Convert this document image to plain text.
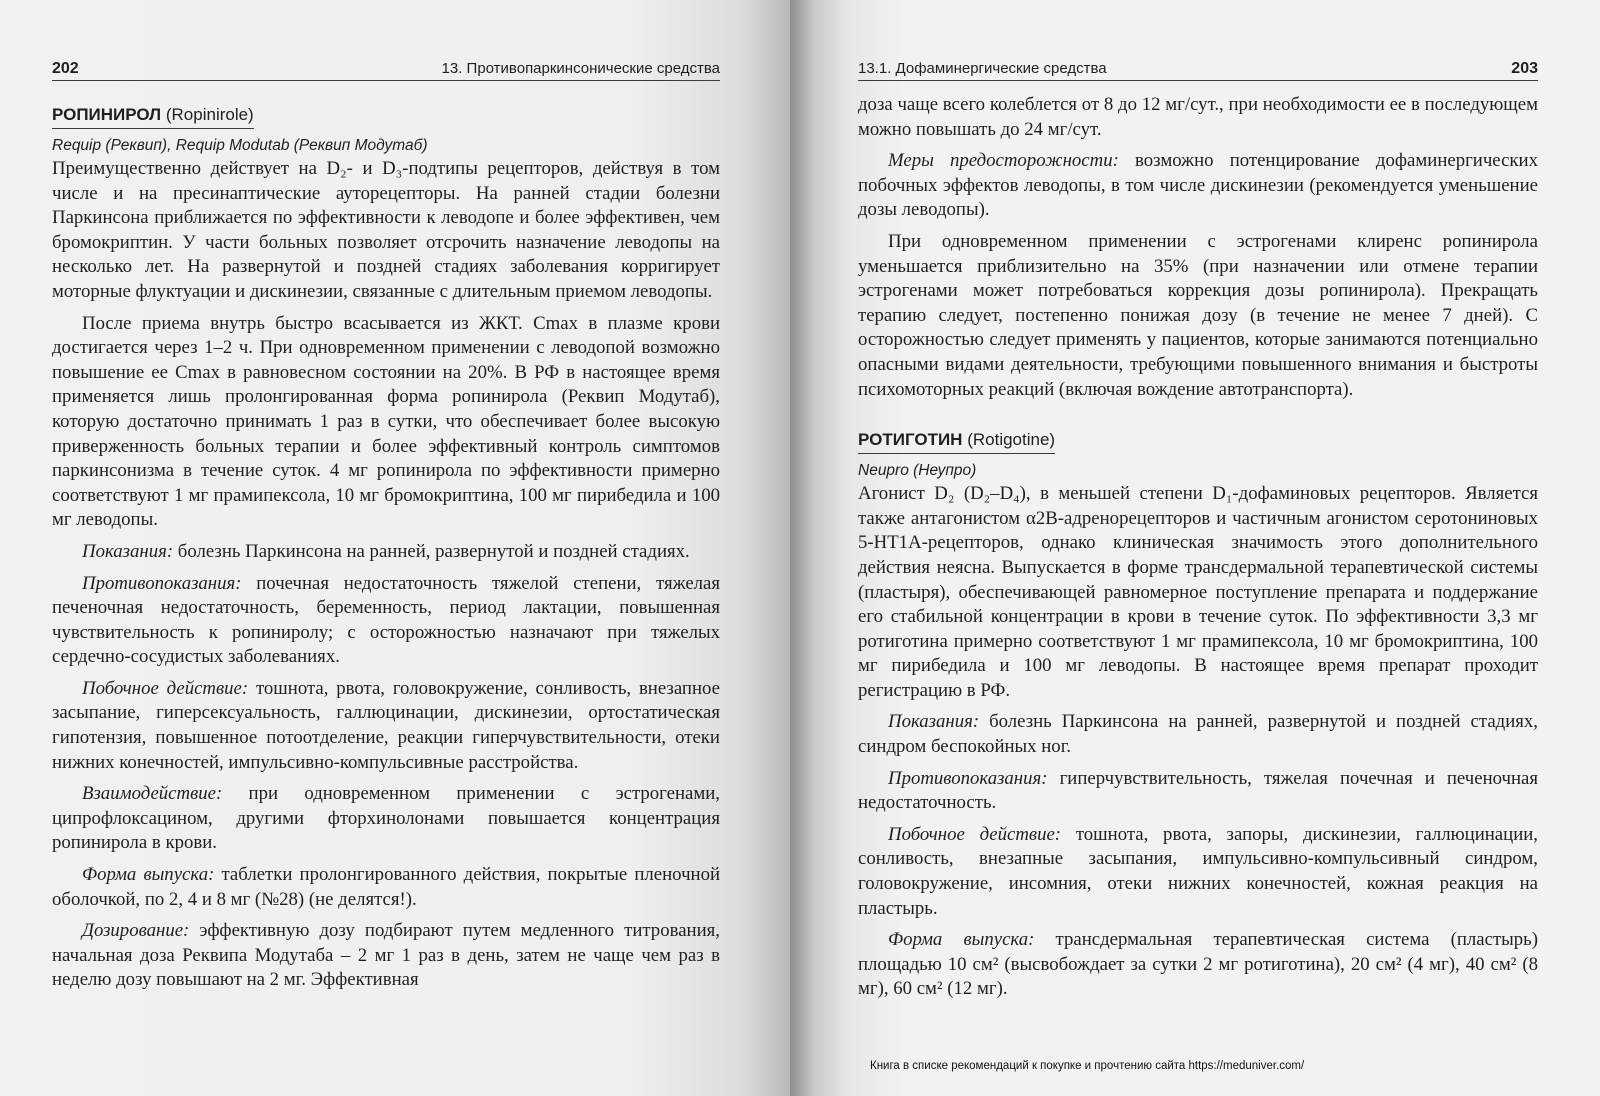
202	13. Противопаркинсонические средства
РОПИНИРОЛ (Ropinirole)
Requip (Реквип), Requip Modutab (Реквип Модутаб)

Преимущественно действует на D₂- и D₃-подтипы рецепторов, действуя в том числе и на пресинаптические ауторецепторы. На ранней стадии болезни Паркинсона приближается по эффективности к леводопе и более эффективен, чем бромокриптин. У части больных позволяет отсрочить назначение леводопы на несколько лет. На развернутой и поздней стадиях заболевания корригирует моторные флуктуации и дискинезии, связанные с длительным приемом леводопы.

После приема внутрь быстро всасывается из ЖКТ. Cmax в плазме крови достигается через 1–2 ч. При одновременном применении с леводопой возможно повышение ее Cmax в равновесном состоянии на 20%. В РФ в настоящее время применяется лишь пролонгированная форма ропинирола (Реквип Модутаб), которую достаточно принимать 1 раз в сутки, что обеспечивает более высокую приверженность больных терапии и более эффективный контроль симптомов паркинсонизма в течение суток. 4 мг ропинирола по эффективности примерно соответствуют 1 мг прамипексола, 10 мг бромокриптина, 100 мг пирибедила и 100 мг леводопы.

Показания: болезнь Паркинсона на ранней, развернутой и поздней стадиях.

Противопоказания: почечная недостаточность тяжелой степени, тяжелая печеночная недостаточность, беременность, период лактации, повышенная чувствительность к ропиниролу; с осторожностью назначают при тяжелых сердечно-сосудистых заболеваниях.

Побочное действие: тошнота, рвота, головокружение, сонливость, внезапное засыпание, гиперсексуальность, галлюцинации, дискинезии, ортостатическая гипотензия, повышенное потоотделение, реакции гиперчувствительности, отеки нижних конечностей, импульсивно-компульсивные расстройства.

Взаимодействие: при одновременном применении с эстрогенами, ципрофлоксацином, другими фторхинолонами повышается концентрация ропинирола в крови.

Форма выпуска: таблетки пролонгированного действия, покрытые пленочной оболочкой, по 2, 4 и 8 мг (№28) (не делятся!).

Дозирование: эффективную дозу подбирают путем медленного титрования, начальная доза Реквипа Модутаба – 2 мг 1 раз в день, затем не чаще чем раз в неделю дозу повышают на 2 мг. Эффективная

13.1. Дофаминергические средства	203

доза чаще всего колеблется от 8 до 12 мг/сут., при необходимости ее в последующем можно повышать до 24 мг/сут.

Меры предосторожности: возможно потенцирование дофаминергических побочных эффектов леводопы, в том числе дискинезии (рекомендуется уменьшение дозы леводопы).

При одновременном применении с эстрогенами клиренс ропинирола уменьшается приблизительно на 35% (при назначении или отмене терапии эстрогенами может потребоваться коррекция дозы ропинирола). Прекращать терапию следует, постепенно понижая дозу (в течение не менее 7 дней). С осторожностью следует применять у пациентов, которые занимаются потенциально опасными видами деятельности, требующими повышенного внимания и быстроты психомоторных реакций (включая вождение автотранспорта).

РОТИГОТИН (Rotigotine)
Neupro (Неупро)

Агонист D₂ (D₂–D₄), в меньшей степени D₁-дофаминовых рецепторов. Является также антагонистом α2B-адренорецепторов и частичным агонистом серотониновых 5-HT1A-рецепторов, однако клиническая значимость этого дополнительного действия неясна. Выпускается в форме трансдермальной терапевтической системы (пластыря), обеспечивающей равномерное поступление препарата и поддержание его стабильной концентрации в крови в течение суток. По эффективности 3,3 мг ротиготина примерно соответствуют 1 мг прамипексола, 10 мг бромокриптина, 100 мг пирибедила и 100 мг леводопы. В настоящее время препарат проходит регистрацию в РФ.

Показания: болезнь Паркинсона на ранней, развернутой и поздней стадиях, синдром беспокойных ног.

Противопоказания: гиперчувствительность, тяжелая почечная и печеночная недостаточность.

Побочное действие: тошнота, рвота, запоры, дискинезии, галлюцинации, сонливость, внезапные засыпания, импульсивно-компульсивный синдром, головокружение, инсомния, отеки нижних конечностей, кожная реакция на пластырь.

Форма выпуска: трансдермальная терапевтическая система (пластырь) площадью 10 см² (высвобождает за сутки 2 мг ротиготина), 20 см² (4 мг), 40 см² (8 мг), 60 см² (12 мг).

Книга в списке рекомендаций к покупке и прочтению сайта https://meduniver.com/
